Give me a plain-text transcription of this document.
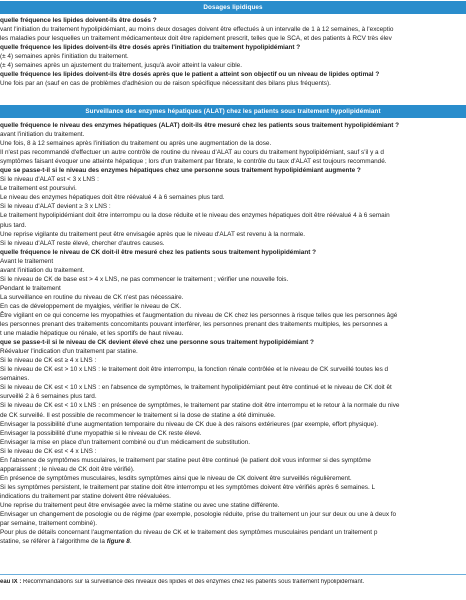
Dosages lipidiques
quelle fréquence les lipides doivent-ils être dosés ?
vant l'initiation du traitement hypolipidémiant, au moins deux dosages doivent être effectués à un intervalle de 1 à 12 semaines, à l'exceptio
les maladies pour lesquelles un traitement médicamenteux doit être rapidement prescrit, telles que le SCA, et des patients à RCV très élev
quelle fréquence les lipides doivent-ils être dosés après l'initiation du traitement hypolipidémiant ?
(± 4) semaines après l'initiation du traitement.
(± 4) semaines après un ajustement du traitement, jusqu'à avoir atteint la valeur cible.
quelle fréquence les lipides doivent-ils être dosés après que le patient a atteint son objectif ou un niveau de lipides optimal ?
Une fois par an (sauf en cas de problèmes d'adhésion ou de raison spécifique nécessitant des bilans plus fréquents).
Surveillance des enzymes hépatiques (ALAT) chez les patients sous traitement hypolipidémiant
quelle fréquence le niveau des enzymes hépatiques (ALAT) doit-ils être mesuré chez les patients sous traitement hypolipidémiant ?
avant l'initiation du traitement.
Une fois, 8 à 12 semaines après l'initiation du traitement ou après une augmentation de la dose.
Il n'est pas recommandé d'effectuer un autre contrôle de routine du niveau d'ALAT au cours du traitement hypolipidémiant, sauf s'il y a d
symptômes faisant évoquer une atteinte hépatique ; lors d'un traitement par fibrate, le contrôle du taux d'ALAT est toujours recommandé.
que se passe-t-il si le niveau des enzymes hépatiques chez une personne sous traitement hypolipidémiant augmente ?
Si le niveau d'ALAT est < 3 x LNS :
Le traitement est poursuivi.
Le niveau des enzymes hépatiques doit être réévalué 4 à 6 semaines plus tard.
Si le niveau d'ALAT devient ≥ 3 x LNS :
Le traitement hypolipidémiant doit être interrompu ou la dose réduite et le niveau des enzymes hépatiques doit être réévalué 4 à 6 semain
plus tard.
Une reprise vigilante du traitement peut être envisagée après que le niveau d'ALAT est revenu à la normale.
Si le niveau d'ALAT reste élevé, chercher d'autres causes.
quelle fréquence le niveau de CK doit-il être mesuré chez les patients sous traitement hypolipidémiant ?
Avant le traitement
avant l'initiation du traitement.
Si le niveau de CK de base est > 4 x LNS, ne pas commencer le traitement ; vérifier une nouvelle fois.
Pendant le traitement
La surveillance en routine du niveau de CK n'est pas nécessaire.
En cas de développement de myalgies, vérifier le niveau de CK.
Être vigilant en ce qui concerne les myopathies et l'augmentation du niveau de CK chez les personnes à risque telles que les personnes âgé
les personnes prenant des traitements concomitants pouvant interférer, les personnes prenant des traitements multiples, les personnes a
t une maladie hépatique ou rénale, et les sportifs de haut niveau.
que se passe-t-il si le niveau de CK devient élevé chez une personne sous traitement hypolipidémiant ?
Réévaluer l'indication d'un traitement par statine.
Si le niveau de CK est ≥ 4 x LNS :
Si le niveau de CK est > 10 x LNS : le traitement doit être interrompu, la fonction rénale contrôlée et le niveau de CK surveillé toutes les d
semaines.
Si le niveau de CK est < 10 x LNS : en l'absence de symptômes, le traitement hypolipidémiant peut être continué et le niveau de CK doit êt
surveillé 2 à 6 semaines plus tard.
Si le niveau de CK est < 10 x LNS : en présence de symptômes, le traitement par statine doit être interrompu et le retour à la normale du nive
de CK surveillé. Il est possible de recommencer le traitement si la dose de statine a été diminuée.
Envisager la possibilité d'une augmentation temporaire du niveau de CK due à des raisons extérieures (par exemple, effort physique).
Envisager la possibilité d'une myopathie si le niveau de CK reste élevé.
Envisager la mise en place d'un traitement combiné ou d'un médicament de substitution.
Si le niveau de CK est < 4 x LNS :
En l'absence de symptômes musculaires, le traitement par statine peut être continué (le patient doit vous informer si des symptôme
apparaissent ; le niveau de CK doit être vérifié).
En présence de symptômes musculaires, lesdits symptômes ainsi que le niveau de CK doivent être surveillés régulièrement.
Si les symptômes persistent, le traitement par statine doit être interrompu et les symptômes doivent être vérifiés après 6 semaines. L
indications du traitement par statine doivent être réévaluées.
Une reprise du traitement peut être envisagée avec la même statine ou avec une statine différente.
Envisager un changement de posologie ou de régime (par exemple, posologie réduite, prise du traitement un jour sur deux ou une à deux fo
par semaine, traitement combiné).
Pour plus de détails concernant l'augmentation du niveau de CK et le traitement des symptômes musculaires pendant un traitement p
statine, se référer à l'algorithme de la figure 8.
eau IX : Recommandations sur la surveillance des niveaux des lipides et des enzymes chez les patients sous traitement hypolipidémiant.
